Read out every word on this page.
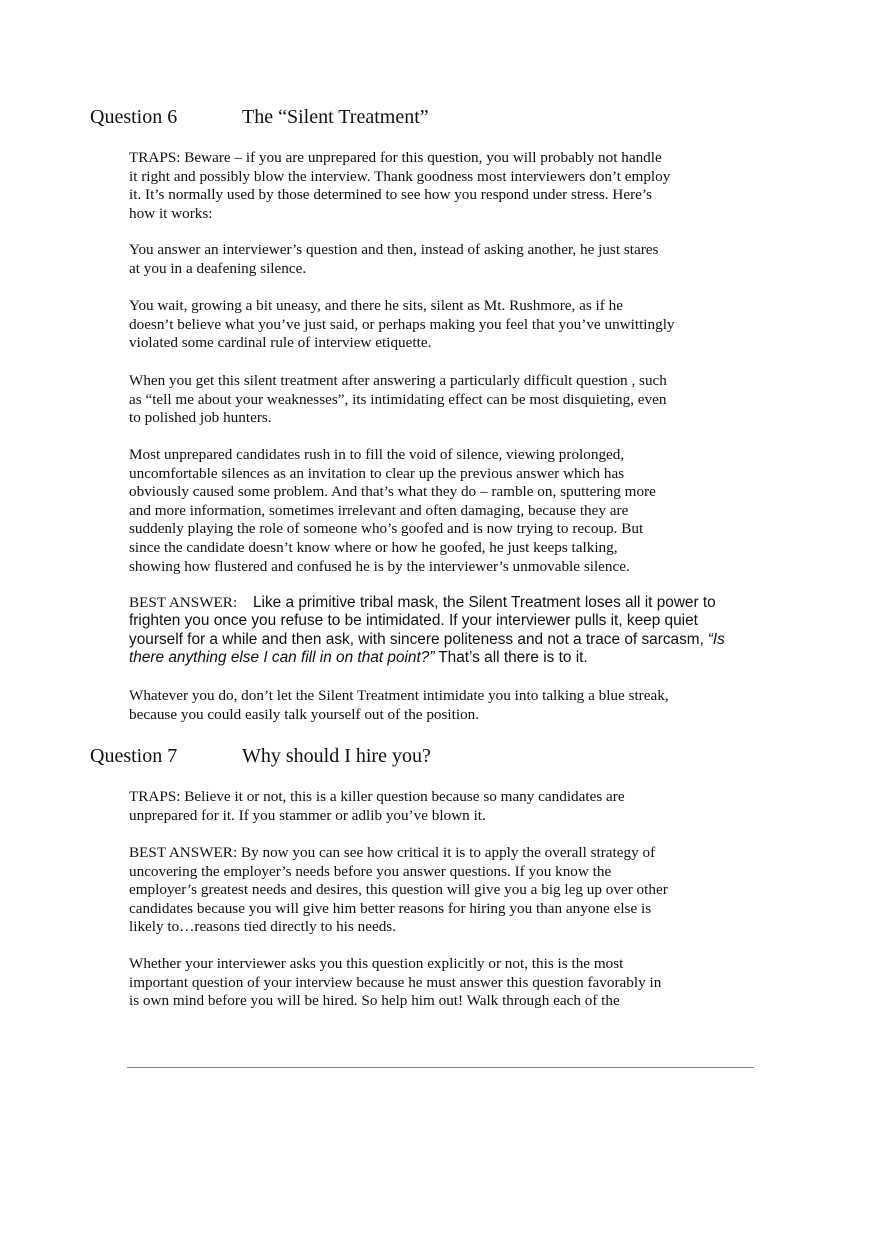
Question 6	The “Silent Treatment”
TRAPS: Beware – if you are unprepared for this question, you will probably not handle
it right and possibly blow the interview. Thank goodness most interviewers don’t employ
it. It’s normally used by those determined to see how you respond under stress. Here’s
how it works:
You answer an interviewer’s question and then, instead of asking another, he just stares
at you in a deafening silence.
You wait, growing a bit uneasy, and there he sits, silent as Mt. Rushmore, as if he
doesn’t believe what you’ve just said, or perhaps making you feel that you’ve unwittingly
violated some cardinal rule of interview etiquette.
When you get this silent treatment after answering a particularly difficult question , such
as “tell me about your weaknesses”, its intimidating effect can be most disquieting, even
to polished job hunters.
Most unprepared candidates rush in to fill the void of silence, viewing prolonged,
uncomfortable silences as an invitation to clear up the previous answer which has
obviously caused some problem. And that’s what they do – ramble on, sputtering more
and more information, sometimes irrelevant and often damaging, because they are
suddenly playing the role of someone who’s goofed and is now trying to recoup. But
since the candidate doesn’t know where or how he goofed, he just keeps talking,
showing how flustered and confused he is by the interviewer’s unmovable silence.
BEST ANSWER: Like a primitive tribal mask, the Silent Treatment loses all it power to
frighten you once you refuse to be intimidated. If your interviewer pulls it, keep quiet
yourself for a while and then ask, with sincere politeness and not a trace of sarcasm, “Is
there anything else I can fill in on that point?” That’s all there is to it.
Whatever you do, don’t let the Silent Treatment intimidate you into talking a blue streak,
because you could easily talk yourself out of the position.
Question 7	Why should I hire you?
TRAPS: Believe it or not, this is a killer question because so many candidates are
unprepared for it. If you stammer or adlib you’ve blown it.
BEST ANSWER: By now you can see how critical it is to apply the overall strategy of
uncovering the employer’s needs before you answer questions. If you know the
employer’s greatest needs and desires, this question will give you a big leg up over other
candidates because you will give him better reasons for hiring you than anyone else is
likely to…reasons tied directly to his needs.
Whether your interviewer asks you this question explicitly or not, this is the most
important question of your interview because he must answer this question favorably in
is own mind before you will be hired. So help him out! Walk through each of the
